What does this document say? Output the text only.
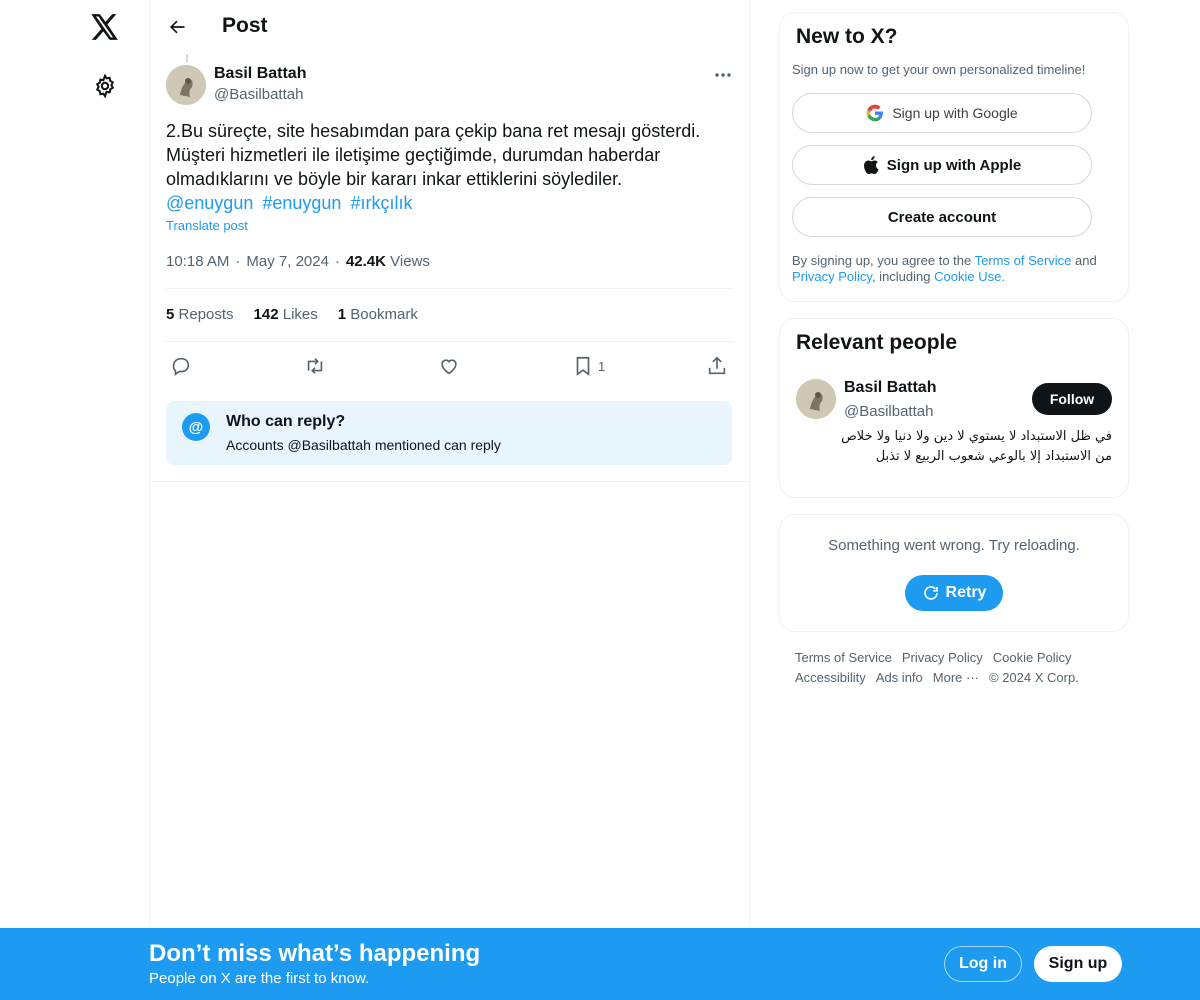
Post
Basil Battah
@Basilbattah
2.Bu süreçte, site hesabımdan para çekip bana ret mesajı gösterdi. Müşteri hizmetleri ile iletişime geçtiğimde, durumdan haberdar olmadıklarını ve böyle bir kararı inkar ettiklerini söylediler.
@enuygun #enuygun #ırkçılık
Translate post
10:18 AM · May 7, 2024 · 42.4K Views
5 Reposts 142 Likes 1 Bookmark
1
@	Who can reply?
Accounts @Basilbattah mentioned can reply
New to X?
Sign up now to get your own personalized timeline!
Sign up with Google
Sign up with Apple
Create account
By signing up, you agree to the Terms of Service and Privacy Policy, including Cookie Use.
Relevant people
Basil Battah
@Basilbattah
Follow
في ظل الاستبداد لا يستوي لا دين ولا دنيا ولا خلاص من الاستبداد إلا بالوعي شعوب الربيع لا تذبل
Something went wrong. Try reloading.
Retry
Terms of Service Privacy Policy Cookie Policy
Accessibility Ads info More ··· © 2024 X Corp.
Don’t miss what’s happening
People on X are the first to know.
Log in	Sign up
